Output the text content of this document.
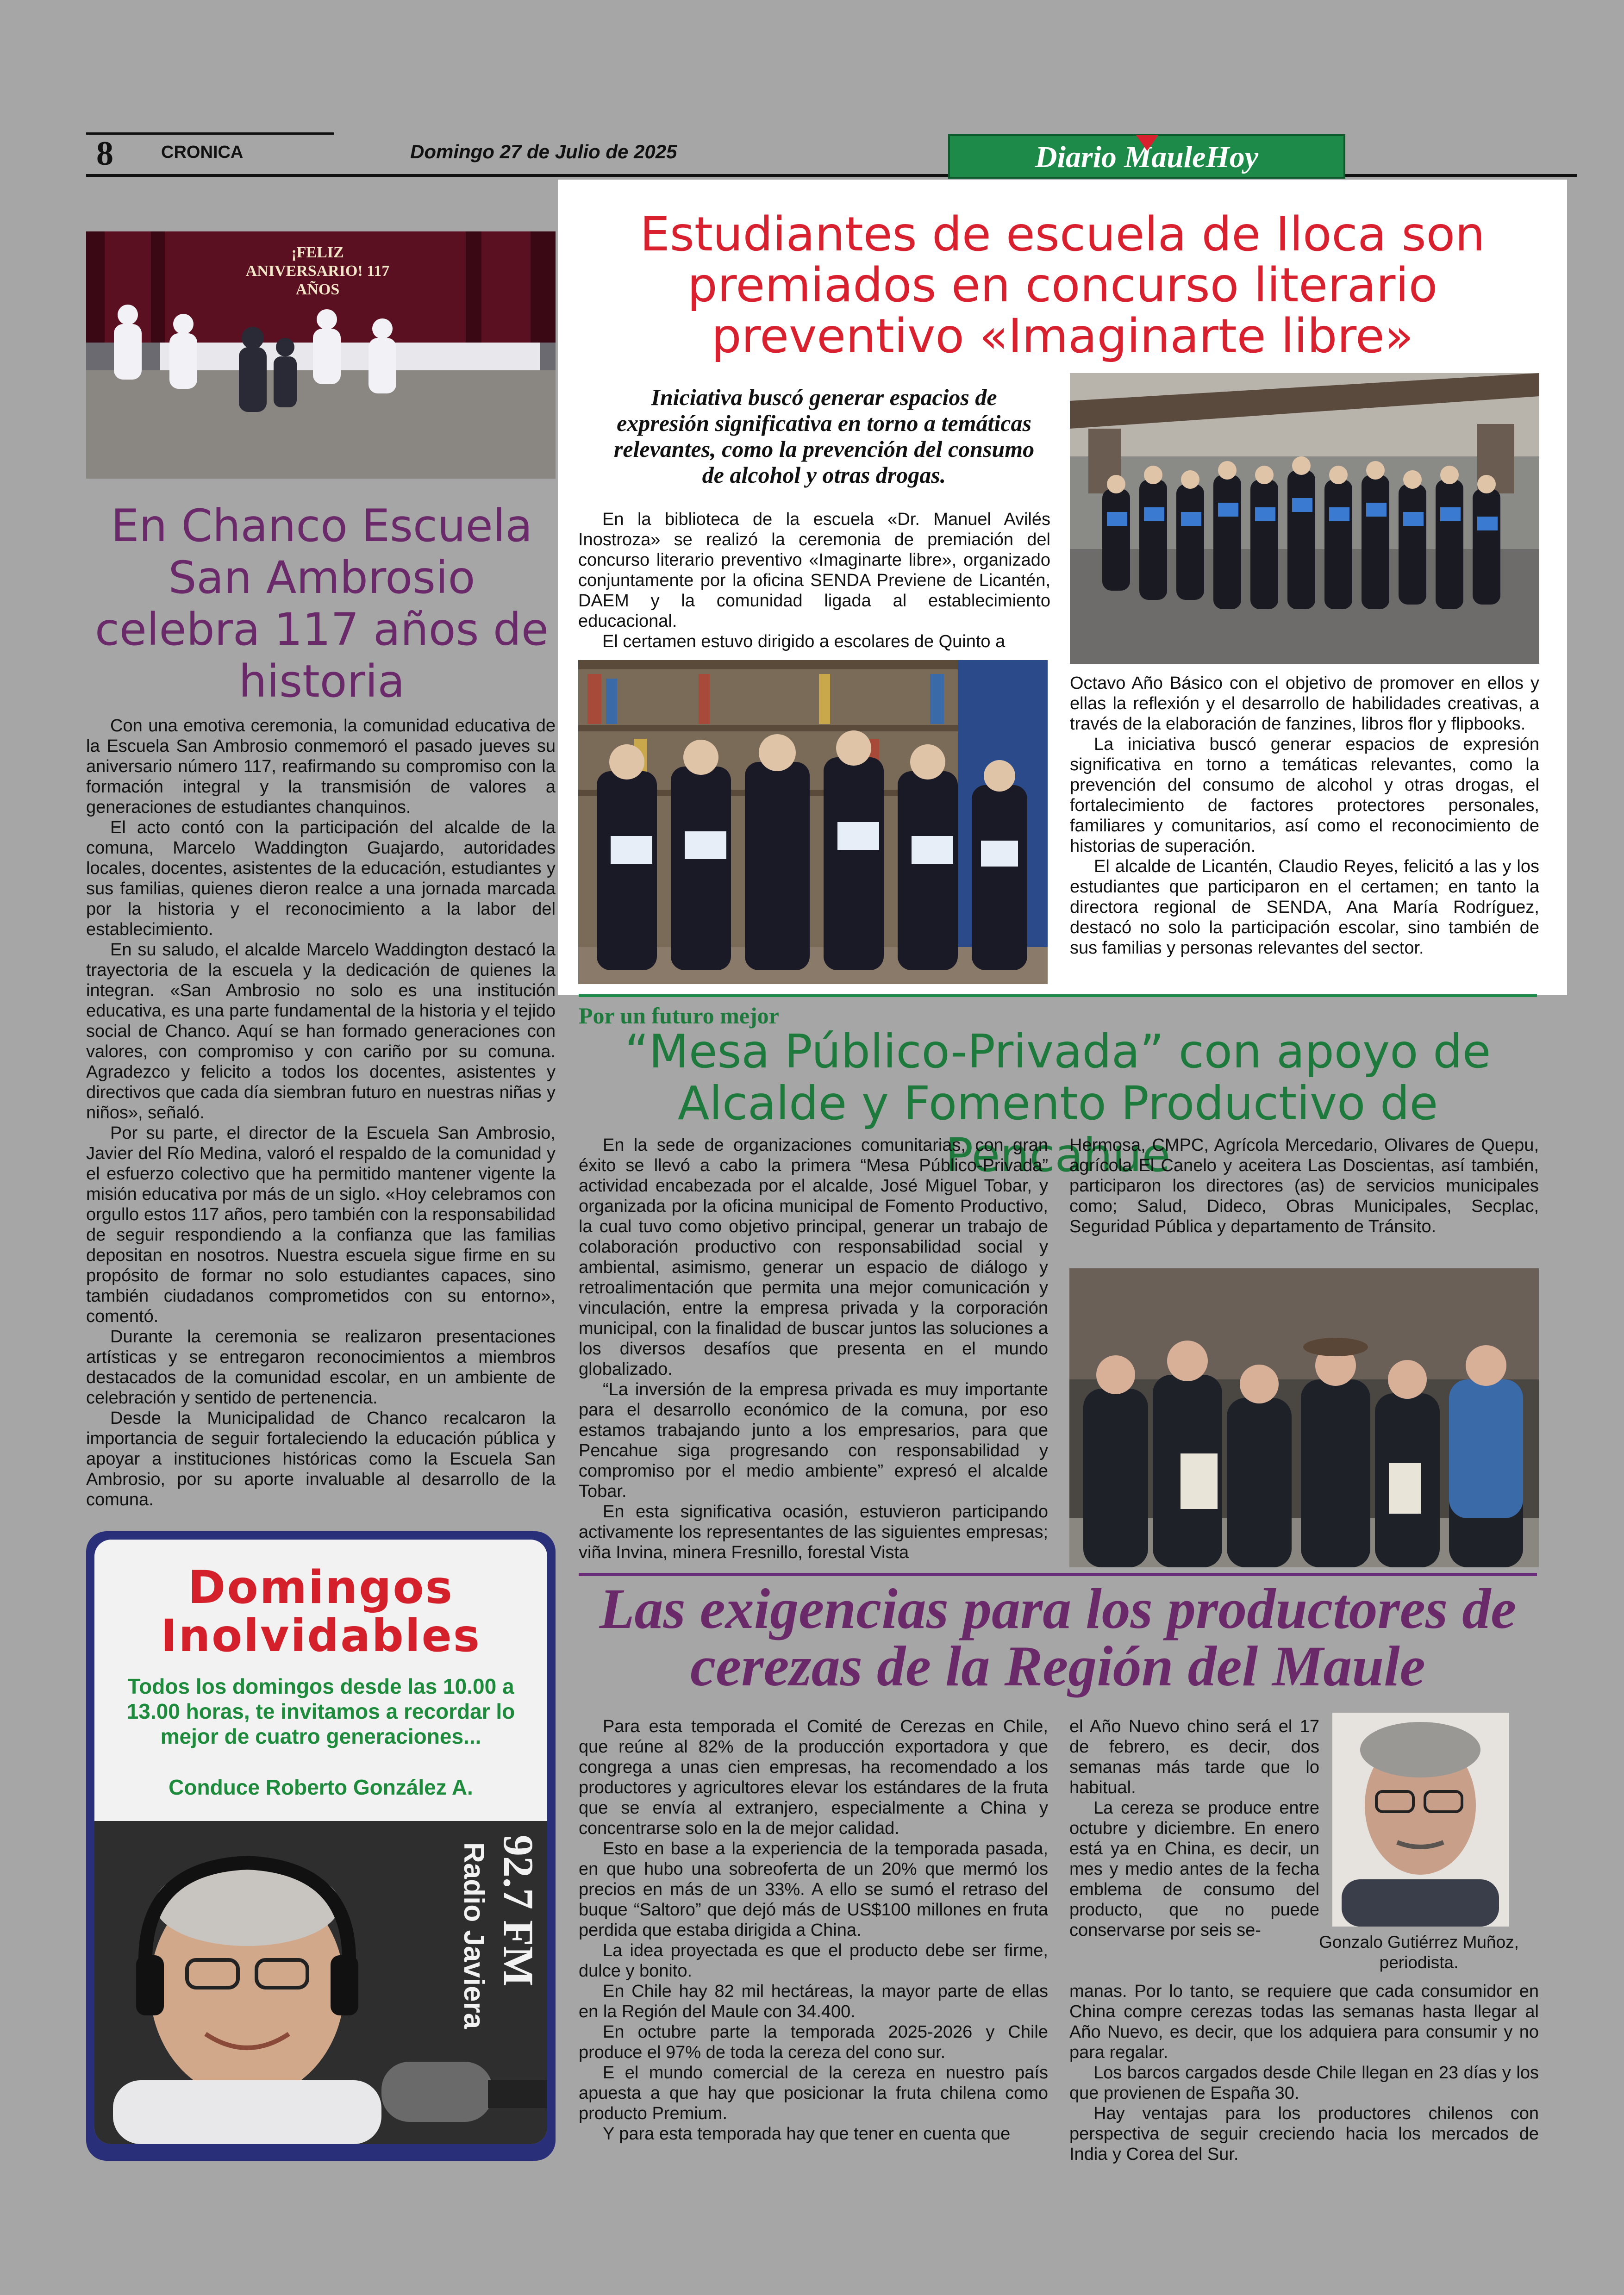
8	CRONICA	Domingo 27 de Julio de 2025	Diario MauleHoy
Estudiantes de escuela de Iloca son premiados en concurso literario preventivo «Imaginarte libre»
Iniciativa buscó generar espacios de expresión significativa en torno a temáticas relevantes, como la prevención del consumo de alcohol y otras drogas.

En la biblioteca de la escuela «Dr. Manuel Avilés Inostroza» se realizó la ceremonia de premiación del concurso literario preventivo «Imaginarte libre», organizado conjuntamente por la oficina SENDA Previene de Licantén, DAEM y la comunidad ligada al establecimiento educacional.

El certamen estuvo dirigido a escolares de Quinto a

Octavo Año Básico con el objetivo de promover en ellos y ellas la reflexión y el desarrollo de habilidades creativas, a través de la elaboración de fanzines, libros flor y flipbooks.

La iniciativa buscó generar espacios de expresión significativa en torno a temáticas relevantes, como la prevención del consumo de alcohol y otras drogas, el fortalecimiento de factores protectores personales, familiares y comunitarios, así como el reconocimiento de historias de superación.

El alcalde de Licantén, Claudio Reyes, felicitó a las y los estudiantes que participaron en el certamen; en tanto la directora regional de SENDA, Ana María Rodríguez, destacó no solo la participación escolar, sino también de sus familias y personas relevantes del sector.

¡FELIZ ANIVERSARIO! 117 AÑOS
En Chanco Escuela San Ambrosio celebra 117 años de historia

Con una emotiva ceremonia, la comunidad educativa de la Escuela San Ambrosio conmemoró el pasado jueves su aniversario número 117, reafirmando su compromiso con la formación integral y la transmisión de valores a generaciones de estudiantes chanquinos.

El acto contó con la participación del alcalde de la comuna, Marcelo Waddington Guajardo, autoridades locales, docentes, asistentes de la educación, estudiantes y sus familias, quienes dieron realce a una jornada marcada por la historia y el reconocimiento a la labor del establecimiento.

En su saludo, el alcalde Marcelo Waddington destacó la trayectoria de la escuela y la dedicación de quienes la integran. «San Ambrosio no solo es una institución educativa, es una parte fundamental de la historia y el tejido social de Chanco. Aquí se han formado generaciones con valores, con compromiso y con cariño por su comuna. Agradezco y felicito a todos los docentes, asistentes y directivos que cada día siembran futuro en nuestras niñas y niños», señaló.

Por su parte, el director de la Escuela San Ambrosio, Javier del Río Medina, valoró el respaldo de la comunidad y el esfuerzo colectivo que ha permitido mantener vigente la misión educativa por más de un siglo. «Hoy celebramos con orgullo estos 117 años, pero también con la responsabilidad de seguir respondiendo a la confianza que las familias depositan en nosotros. Nuestra escuela sigue firme en su propósito de formar no solo estudiantes capaces, sino también ciudadanos comprometidos con su entorno», comentó.

Durante la ceremonia se realizaron presentaciones artísticas y se entregaron reconocimientos a miembros destacados de la comunidad escolar, en un ambiente de celebración y sentido de pertenencia.

Desde la Municipalidad de Chanco recalcaron la importancia de seguir fortaleciendo la educación pública y apoyar a instituciones históricas como la Escuela San Ambrosio, por su aporte invaluable al desarrollo de la comuna.

Domingos
Inolvidables
Todos los domingos desde las 10.00 a 13.00 horas, te invitamos a recordar lo mejor de cuatro generaciones...
Conduce Roberto González A.
92.7 FM
Radio Javiera
Por un futuro mejor
“Mesa Público-Privada” con apoyo de Alcalde y Fomento Productivo de Pencahue

En la sede de organizaciones comunitarias, con gran éxito se llevó a cabo la primera “Mesa Público-Privada” actividad encabezada por el alcalde, José Miguel Tobar, y organizada por la oficina municipal de Fomento Productivo, la cual tuvo como objetivo principal, generar un trabajo de colaboración productivo con responsabilidad social y ambiental, asimismo, generar un espacio de diálogo y retroalimentación que permita una mejor comunicación y vinculación, entre la empresa privada y la corporación municipal, con la finalidad de buscar juntos las soluciones a los diversos desafíos que presenta en el mundo globalizado.

“La inversión de la empresa privada es muy importante para el desarrollo económico de la comuna, por eso estamos trabajando junto a los empresarios, para que Pencahue siga progresando con responsabilidad y compromiso por el medio ambiente” expresó el alcalde Tobar.

En esta significativa ocasión, estuvieron participando activamente los representantes de las siguientes empresas; viña Invina, minera Fresnillo, forestal Vista

Hermosa, CMPC, Agrícola Mercedario, Olivares de Quepu, agrícola El Canelo y aceitera Las Doscientas, así también, participaron los directores (as) de servicios municipales como; Salud, Dideco, Obras Municipales, Secplac, Seguridad Pública y departamento de Tránsito.

Las exigencias para los productores de cerezas de la Región del Maule

Para esta temporada el Comité de Cerezas en Chile, que reúne al 82% de la producción exportadora y que congrega a unas cien empresas, ha recomendado a los productores y agricultores elevar los estándares de la fruta que se envía al extranjero, especialmente a China y concentrarse solo en la de mejor calidad.

Esto en base a la experiencia de la temporada pasada, en que hubo una sobreoferta de un 20% que mermó los precios en más de un 33%. A ello se sumó el retraso del buque “Saltoro” que dejó más de US$100 millones en fruta perdida que estaba dirigida a China.

La idea proyectada es que el producto debe ser firme, dulce y bonito.

En Chile hay 82 mil hectáreas, la mayor parte de ellas en la Región del Maule con 34.400.

En octubre parte la temporada 2025-2026 y Chile produce el 97% de toda la cereza del cono sur.

E el mundo comercial de la cereza en nuestro país apuesta a que hay que posicionar la fruta chilena como producto Premium.

Y para esta temporada hay que tener en cuenta que

el Año Nuevo chino será el 17 de febrero, es decir, dos semanas más tarde que lo habitual.

La cereza se produce entre octubre y diciembre. En enero está ya en China, es decir, un mes y medio antes de la fecha emblema de consumo del producto, que no puede conservarse por seis se-

Gonzalo Gutiérrez Muñoz, periodista.

manas. Por lo tanto, se requiere que cada consumidor en China compre cerezas todas las semanas hasta llegar al Año Nuevo, es decir, que los adquiera para consumir y no para regalar.

Los barcos cargados desde Chile llegan en 23 días y los que provienen de España 30.

Hay ventajas para los productores chilenos con perspectiva de seguir creciendo hacia los mercados de India y Corea del Sur.
